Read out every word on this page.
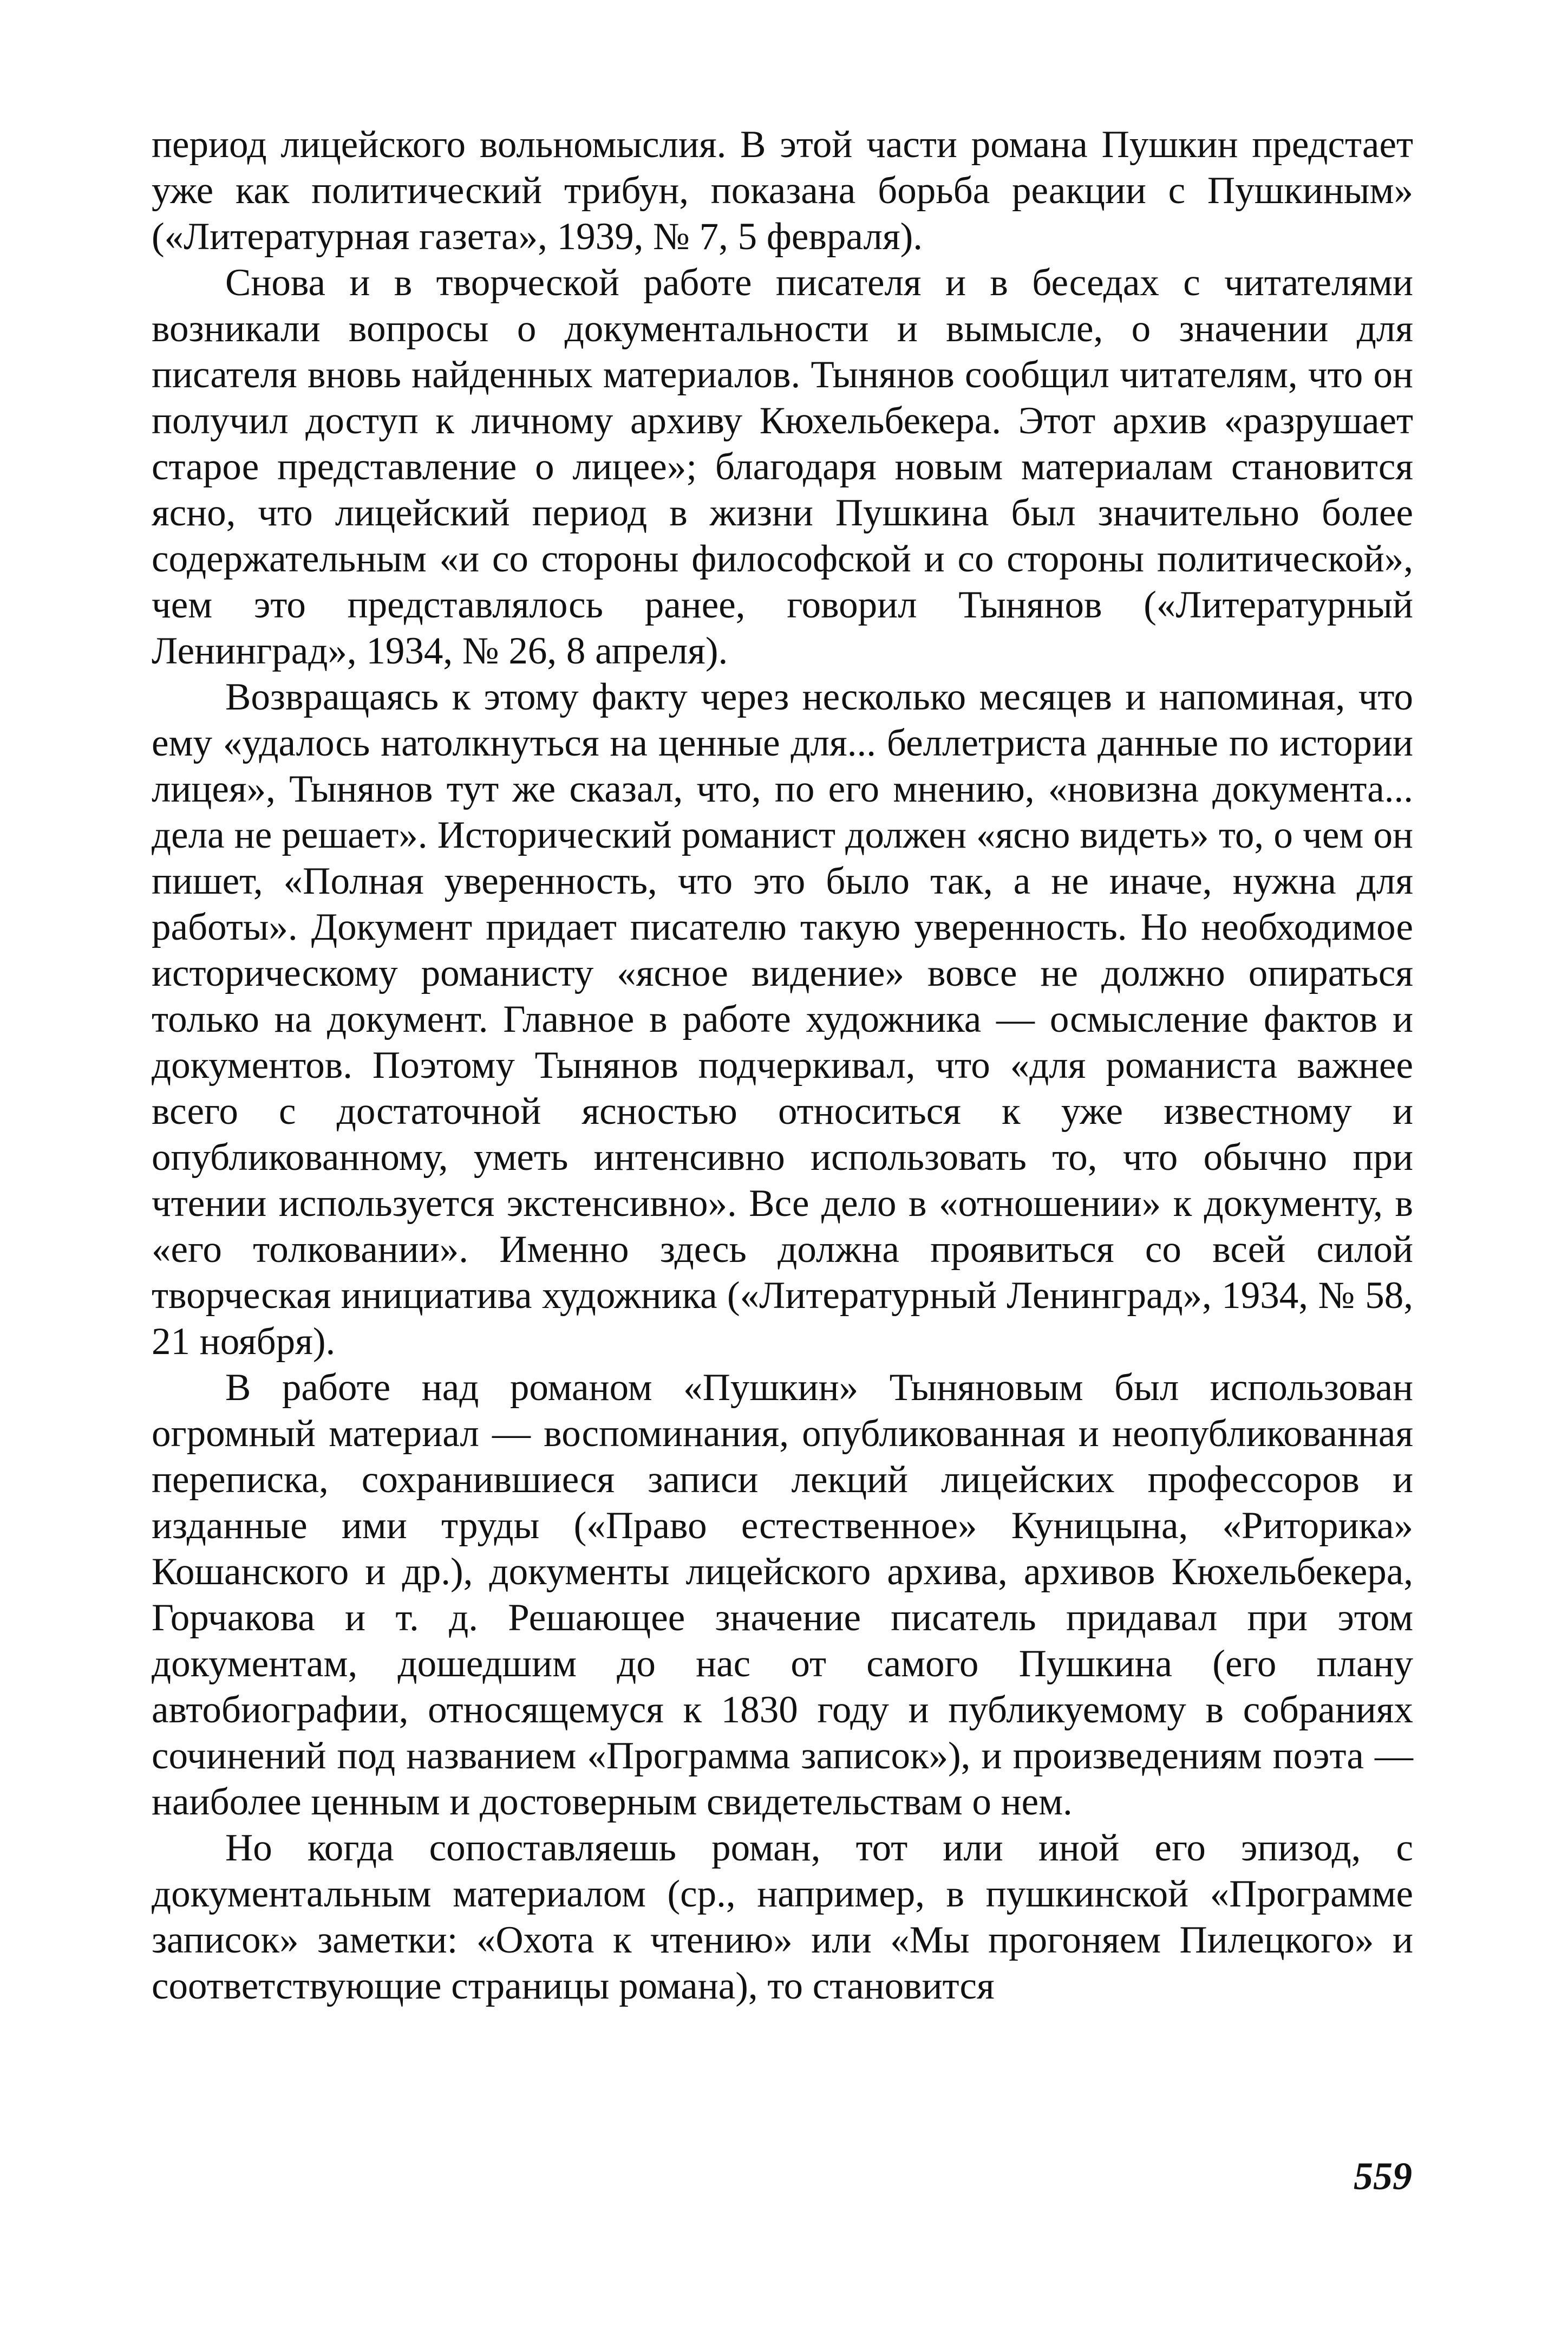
период лицейского вольномыслия. В этой части романа Пушкин предстает уже как политический трибун, показана борьба реакции с Пушкиным» («Литературная газета», 1939, № 7, 5 февраля).

Снова и в творческой работе писателя и в беседах с читателями возникали вопросы о документальности и вымысле, о значении для писателя вновь найденных материалов. Тынянов сообщил читателям, что он получил доступ к личному архиву Кюхельбекера. Этот архив «разрушает старое представление о лицее»; благодаря новым материалам становится ясно, что лицейский период в жизни Пушкина был значительно более содержательным «и со стороны философской и со стороны политической», чем это представлялось ранее, говорил Тынянов («Литературный Ленинград», 1934, № 26, 8 апреля).

Возвращаясь к этому факту через несколько месяцев и напоминая, что ему «удалось натолкнуться на ценные для... беллетриста данные по истории лицея», Тынянов тут же сказал, что, по его мнению, «новизна документа... дела не решает». Исторический романист должен «ясно видеть» то, о чем он пишет, «Полная уверенность, что это было так, а не иначе, нужна для работы». Документ придает писателю такую уверенность. Но необходимое историческому романисту «ясное видение» вовсе не должно опираться только на документ. Главное в работе художника — осмысление фактов и документов. Поэтому Тынянов подчеркивал, что «для романиста важнее всего с достаточной ясностью относиться к уже известному и опубликованному, уметь интенсивно использовать то, что обычно при чтении используется экстенсивно». Все дело в «отношении» к документу, в «его толковании». Именно здесь должна проявиться со всей силой творческая инициатива художника («Литературный Ленинград», 1934, № 58, 21 ноября).

В работе над романом «Пушкин» Тыняновым был использован огромный материал — воспоминания, опубликованная и неопубликованная переписка, сохранившиеся записи лекций лицейских профессоров и изданные ими труды («Право естественное» Куницына, «Риторика» Кошанского и др.), документы лицейского архива, архивов Кюхельбекера, Горчакова и т. д. Решающее значение писатель придавал при этом документам, дошедшим до нас от самого Пушкина (его плану автобиографии, относящемуся к 1830 году и публикуемому в собраниях сочинений под названием «Программа записок»), и произведениям поэта — наиболее ценным и достоверным свидетельствам о нем.

Но когда сопоставляешь роман, тот или иной его эпизод, с документальным материалом (ср., например, в пушкинской «Программе записок» заметки: «Охота к чтению» или «Мы прогоняем Пилецкого» и соответствующие страницы романа), то становится

559
